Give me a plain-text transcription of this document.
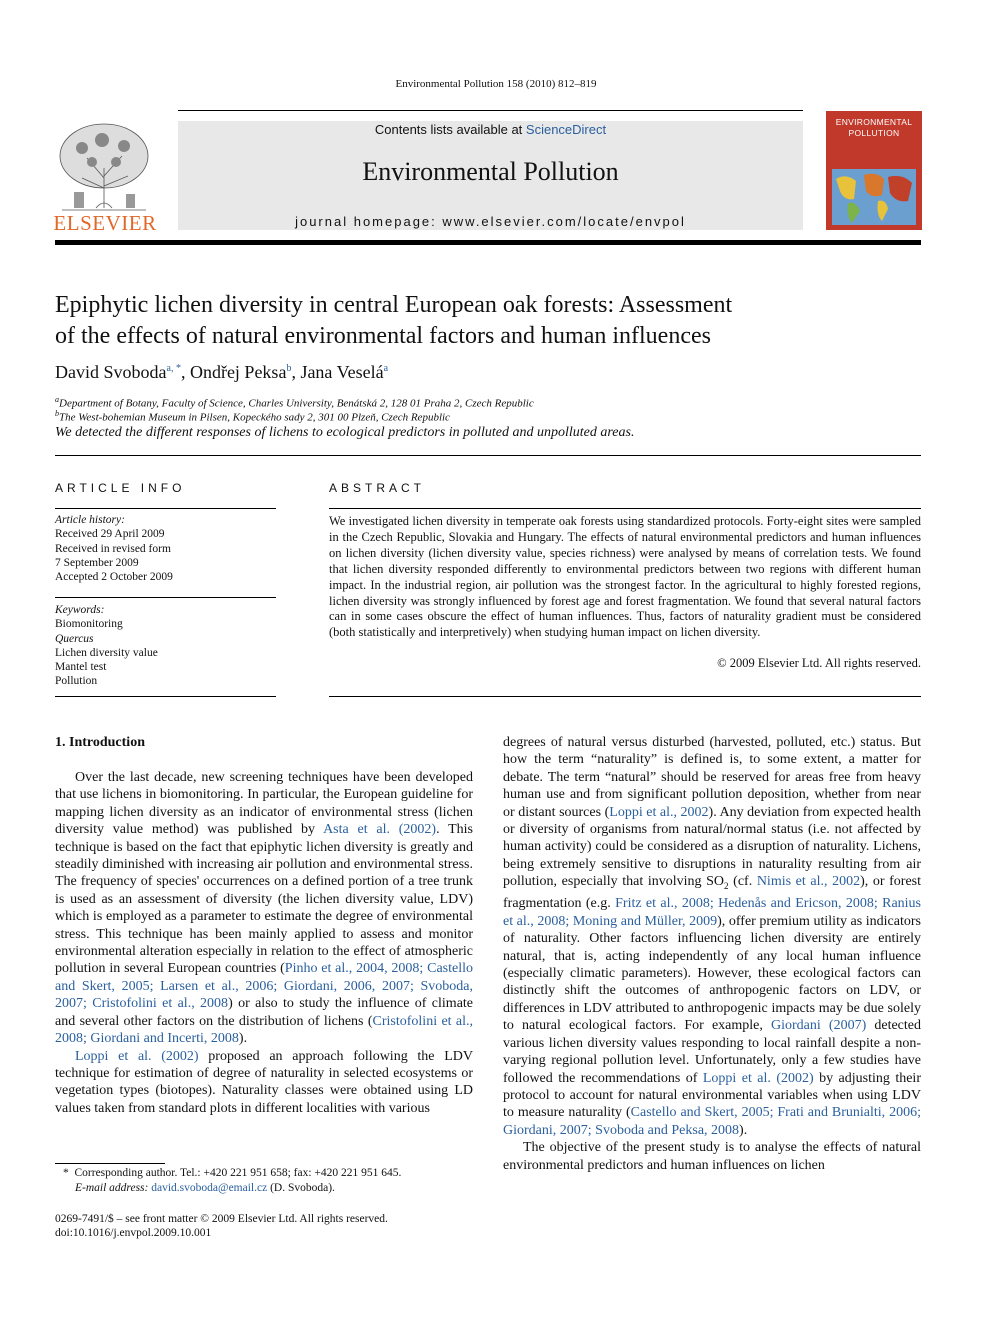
Environmental Pollution 158 (2010) 812–819
ELSEVIER
Contents lists available at ScienceDirect
Environmental Pollution
journal homepage: www.elsevier.com/locate/envpol
ENVIRONMENTAL
POLLUTION
Epiphytic lichen diversity in central European oak forests: Assessment
of the effects of natural environmental factors and human influences
David Svoboda$^{a, *}$, Ondřej Peksa$^b$, Jana Veselá$^a$
$^a$Department of Botany, Faculty of Science, Charles University, Benátská 2, 128 01 Praha 2, Czech Republic
$^b$The West-bohemian Museum in Pilsen, Kopeckého sady 2, 301 00 Plzeň, Czech Republic
We detected the different responses of lichens to ecological predictors in polluted and unpolluted areas.
ARTICLE INFO
Article history:
Received 29 April 2009
Received in revised form
7 September 2009
Accepted 2 October 2009
Keywords:
Biomonitoring
Quercus
Lichen diversity value
Mantel test
Pollution
ABSTRACT
We investigated lichen diversity in temperate oak forests using standardized protocols. Forty-eight sites were sampled in the Czech Republic, Slovakia and Hungary. The effects of natural environmental predictors and human influences on lichen diversity (lichen diversity value, species richness) were analysed by means of correlation tests. We found that lichen diversity responded differently to environmental predictors between two regions with different human impact. In the industrial region, air pollution was the strongest factor. In the agricultural to highly forested regions, lichen diversity was strongly influenced by forest age and forest fragmentation. We found that several natural factors can in some cases obscure the effect of human influences. Thus, factors of naturality gradient must be considered (both statistically and interpretively) when studying human impact on lichen diversity.
© 2009 Elsevier Ltd. All rights reserved.
1. Introduction

Over the last decade, new screening techniques have been developed that use lichens in biomonitoring. In particular, the European guideline for mapping lichen diversity as an indicator of environmental stress (lichen diversity value method) was published by Asta et al. (2002). This technique is based on the fact that epiphytic lichen diversity is greatly and steadily diminished with increasing air pollution and environmental stress. The frequency of species' occurrences on a defined portion of a tree trunk is used as an assessment of diversity (the lichen diversity value, LDV) which is employed as a parameter to estimate the degree of environmental stress. This technique has been mainly applied to assess and monitor environmental alteration especially in relation to the effect of atmospheric pollution in several European countries (Pinho et al., 2004, 2008; Castello and Skert, 2005; Larsen et al., 2006; Giordani, 2006, 2007; Svoboda, 2007; Cristofolini et al., 2008) or also to study the influence of climate and several other factors on the distribution of lichens (Cristofolini et al., 2008; Giordani and Incerti, 2008).

Loppi et al. (2002) proposed an approach following the LDV technique for estimation of degree of naturality in selected ecosystems or vegetation types (biotopes). Naturality classes were obtained using LD values taken from standard plots in different localities with various

degrees of natural versus disturbed (harvested, polluted, etc.) status. But how the term “naturality” is defined is, to some extent, a matter for debate. The term “natural” should be reserved for areas free from heavy human use and from significant pollution deposition, whether from near or distant sources (Loppi et al., 2002). Any deviation from expected health or diversity of organisms from natural/normal status (i.e. not affected by human activity) could be considered as a disruption of naturality. Lichens, being extremely sensitive to disruptions in naturality resulting from air pollution, especially that involving $SO_2$ (cf. Nimis et al., 2002), or forest fragmentation (e.g. Fritz et al., 2008; Hedenås and Ericson, 2008; Ranius et al., 2008; Moning and Müller, 2009), offer premium utility as indicators of naturality. Other factors influencing lichen diversity are entirely natural, that is, acting independently of any local human influence (especially climatic parameters). However, these ecological factors can distinctly shift the outcomes of anthropogenic factors on LDV, or differences in LDV attributed to anthropogenic impacts may be due solely to natural ecological factors. For example, Giordani (2007) detected various lichen diversity values responding to local rainfall despite a non-varying regional pollution level. Unfortunately, only a few studies have followed the recommendations of Loppi et al. (2002) by adjusting their protocol to account for natural environmental variables when using LDV to measure naturality (Castello and Skert, 2005; Frati and Brunialti, 2006; Giordani, 2007; Svoboda and Peksa, 2008).

The objective of the present study is to analyse the effects of natural environmental predictors and human influences on lichen

* Corresponding author. Tel.: +420 221 951 658; fax: +420 221 951 645.
E-mail address: david.svoboda@email.cz (D. Svoboda).
0269-7491/$ – see front matter © 2009 Elsevier Ltd. All rights reserved.
doi:10.1016/j.envpol.2009.10.001
